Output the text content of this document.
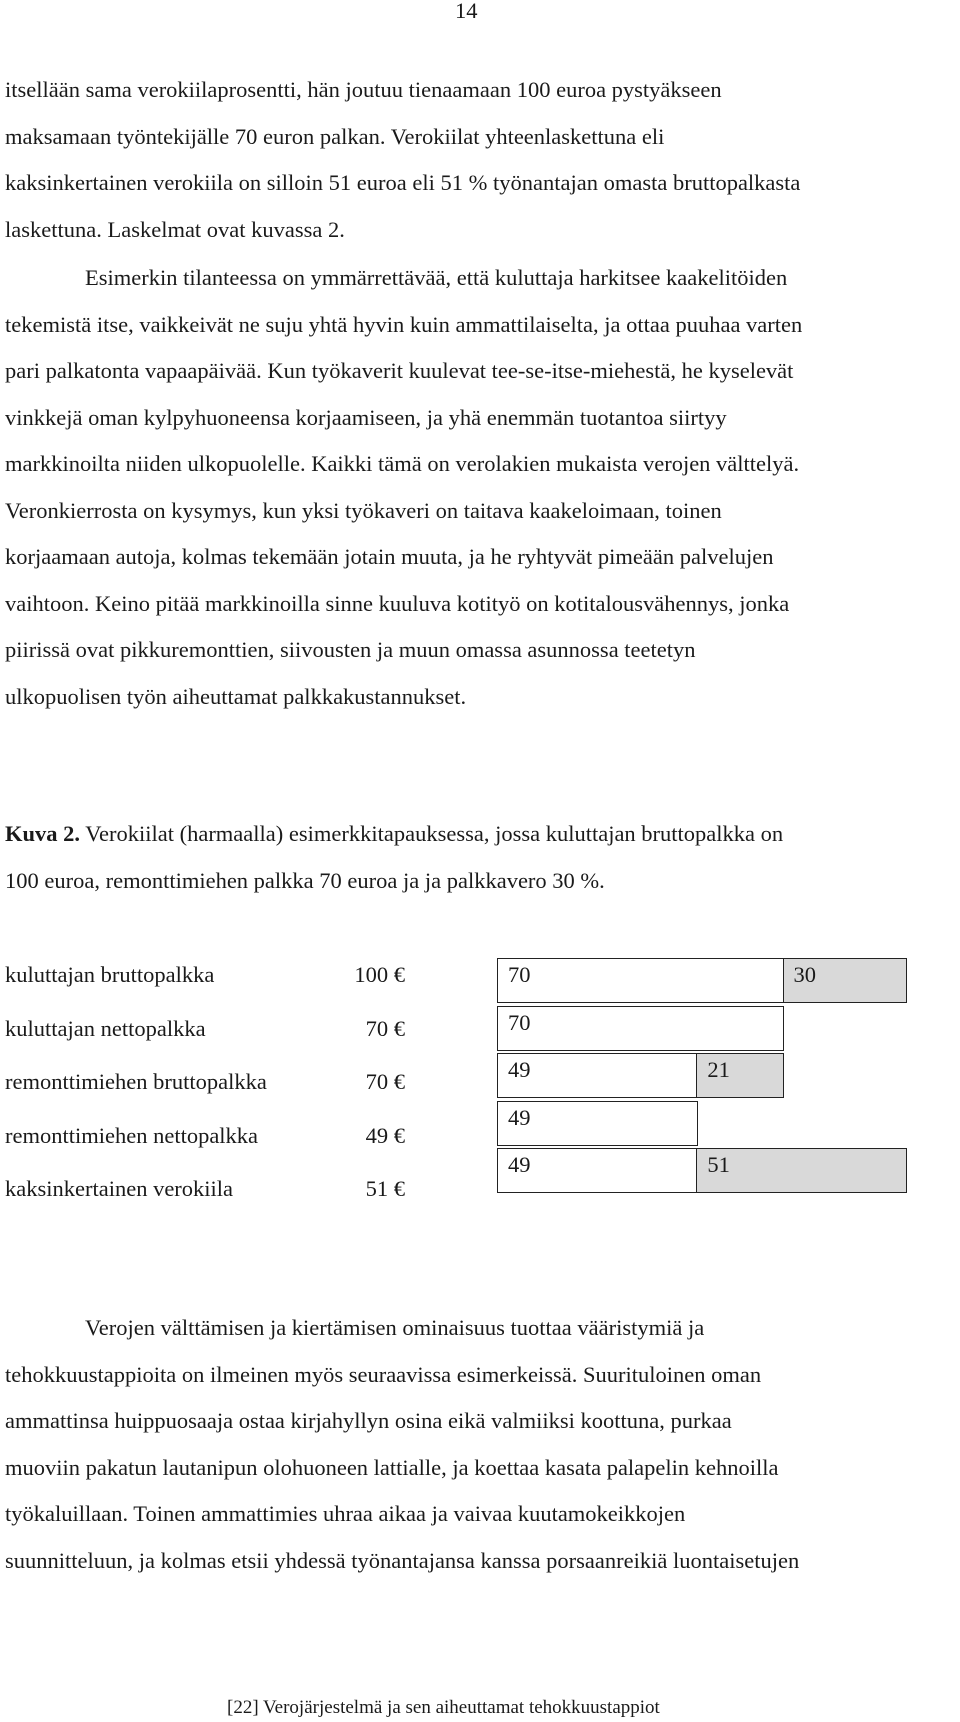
14

itsellään sama verokiilaprosentti, hän joutuu tienaamaan 100 euroa pystyäkseen
maksamaan työntekijälle 70 euron palkan. Verokiilat yhteenlaskettuna eli
kaksinkertainen verokiila on silloin 51 euroa eli 51 % työnantajan omasta bruttopalkasta
laskettuna. Laskelmat ovat kuvassa 2.

Esimerkin tilanteessa on ymmärrettävää, että kuluttaja harkitsee kaakelitöiden
tekemistä itse, vaikkeivät ne suju yhtä hyvin kuin ammattilaiselta, ja ottaa puuhaa varten
pari palkatonta vapaapäivää. Kun työkaverit kuulevat tee-se-itse-miehestä, he kyselevät
vinkkejä oman kylpyhuoneensa korjaamiseen, ja yhä enemmän tuotantoa siirtyy
markkinoilta niiden ulkopuolelle. Kaikki tämä on verolakien mukaista verojen välttelyä.
Veronkierrosta on kysymys, kun yksi työkaveri on taitava kaakeloimaan, toinen
korjaamaan autoja, kolmas tekemään jotain muuta, ja he ryhtyvät pimeään palvelujen
vaihtoon. Keino pitää markkinoilla sinne kuuluva kotityö on kotitalousvähennys, jonka
piirissä ovat pikkuremonttien, siivousten ja muun omassa asunnossa teetetyn
ulkopuolisen työn aiheuttamat palkkakustannukset.

Kuva 2. Verokiilat (harmaalla) esimerkkitapauksessa, jossa kuluttajan bruttopalkka on
100 euroa, remonttimiehen palkka 70 euroa ja ja palkkavero 30 %.

kuluttajan bruttopalkka	100 €
kuluttajan nettopalkka	70 €
remonttimiehen bruttopalkka	70 €
remonttimiehen nettopalkka	49 €
kaksinkertainen verokiila	51 €
70	30
70
49	21
49
49	51

Verojen välttämisen ja kiertämisen ominaisuus tuottaa vääristymiä ja
tehokkuustappioita on ilmeinen myös seuraavissa esimerkeissä. Suurituloinen oman
ammattinsa huippuosaaja ostaa kirjahyllyn osina eikä valmiiksi koottuna, purkaa
muoviin pakatun lautanipun olohuoneen lattialle, ja koettaa kasata palapelin kehnoilla
työkaluillaan. Toinen ammattimies uhraa aikaa ja vaivaa kuutamokeikkojen
suunnitteluun, ja kolmas etsii yhdessä työnantajansa kanssa porsaanreikiä luontaisetujen

[22] Verojärjestelmä ja sen aiheuttamat tehokkuustappiot
